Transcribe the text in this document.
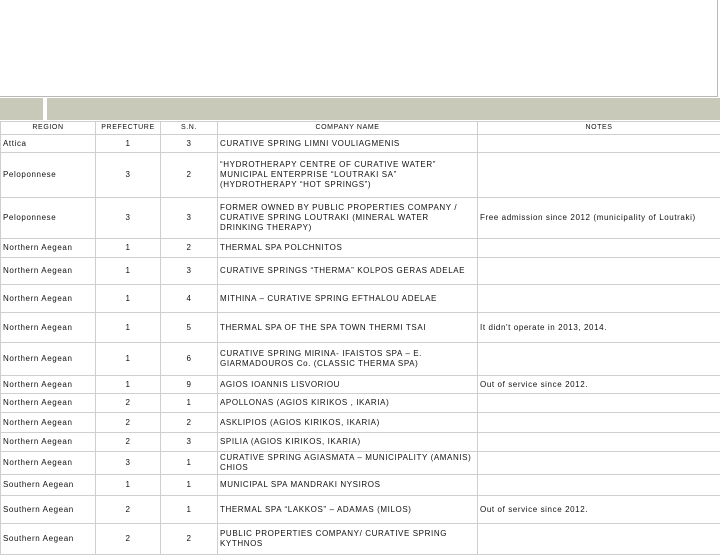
REGION	PREFECTURE	S.N.	COMPANY NAME	NOTES
Attica	1	3	CURATIVE SPRING LIMNI VOULIAGMENIS	
Peloponnese	3	2	“HYDROTHERAPY CENTRE OF CURATIVE WATER” MUNICIPAL ENTERPRISE “LOUTRAKI SA” (HYDROTHERAPY “HOT SPRINGS”)	
Peloponnese	3	3	FORMER OWNED BY PUBLIC PROPERTIES COMPANY / CURATIVE SPRING LOUTRAKI (MINERAL WATER DRINKING THERAPY)	Free admission since 2012 (municipality of Loutraki)
Northern Aegean	1	2	THERMAL SPA POLCHNITOS	
Northern Aegean	1	3	CURATIVE SPRINGS “THERMA” KOLPOS GERAS ADELAE	
Northern Aegean	1	4	MITHINA – CURATIVE SPRING EFTHALOU ADELAE	
Northern Aegean	1	5	THERMAL SPA OF THE SPA TOWN THERMI TSAI	It didn't operate in 2013, 2014.
Northern Aegean	1	6	CURATIVE SPRING MIRINA- IFAISTOS SPA – E. GIARMADOUROS Co. (CLASSIC THERMA SPA)	
Northern Aegean	1	9	AGIOS IOANNIS LISVORIOU	Out of service since 2012.
Northern Aegean	2	1	APOLLONAS (AGIOS KIRIKOS , IKARIA)	
Northern Aegean	2	2	ASKLIPIOS (AGIOS KIRIKOS, IKARIA)	
Northern Aegean	2	3	SPILIA (AGIOS KIRIKOS, IKARIA)	
Northern Aegean	3	1	CURATIVE SPRING AGIASMATA – MUNICIPALITY (AMANIS) CHIOS	
Southern Aegean	1	1	MUNICIPAL SPA MANDRAKI NYSIROS	
Southern Aegean	2	1	THERMAL SPA “LAKKOS” – ADAMAS (MILOS)	Out of service since 2012.
Southern Aegean	2	2	PUBLIC PROPERTIES COMPANY/ CURATIVE SPRING KYTHNOS	
